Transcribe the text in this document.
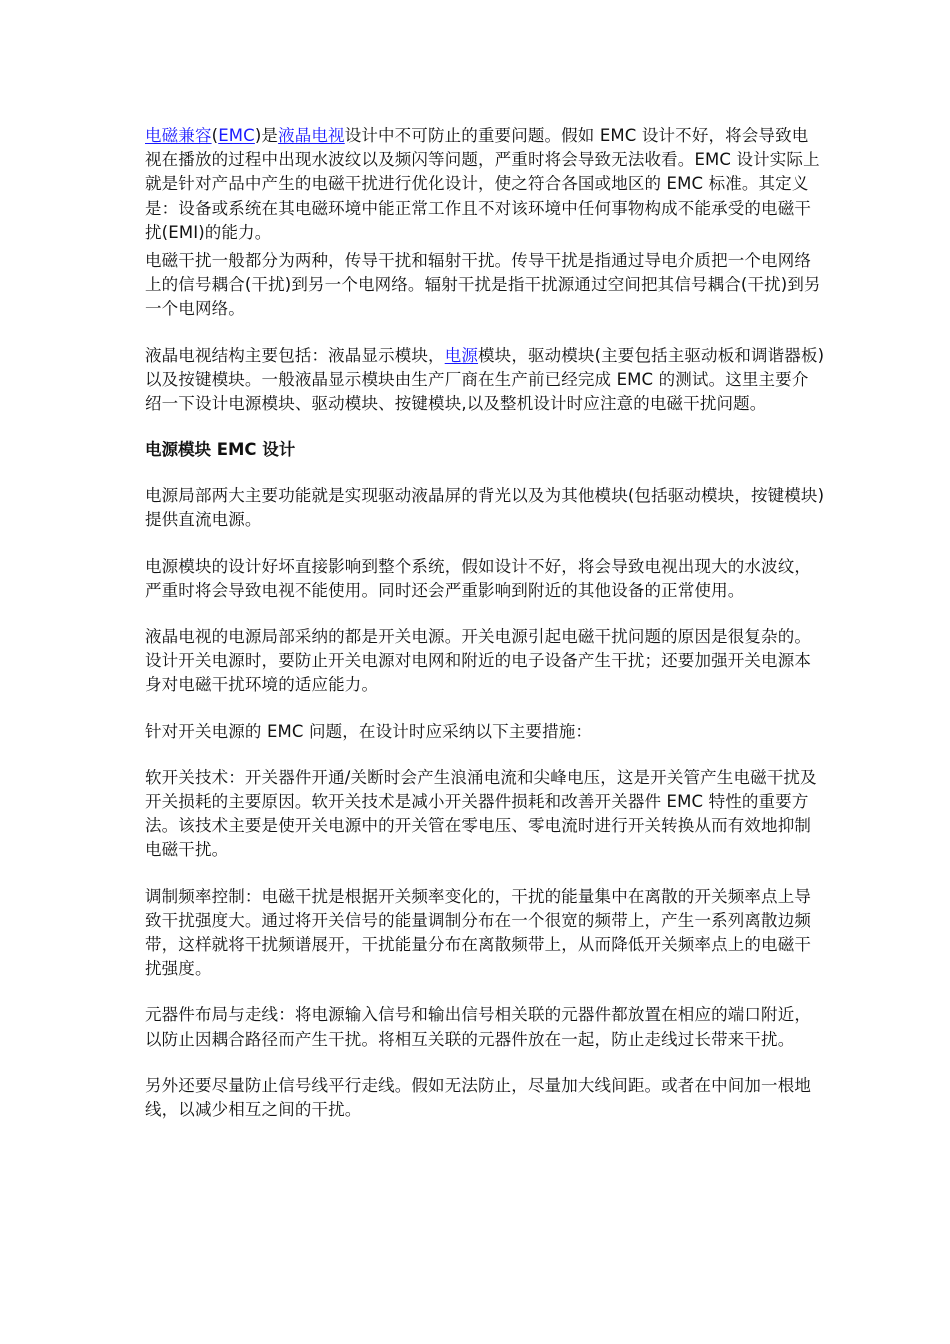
电磁兼容(EMC)是液晶电视设计中不可防止的重要问题。假如 EMC 设计不好，将会导致电视在播放的过程中出现水波纹以及频闪等问题，严重时将会导致无法收看。EMC 设计实际上就是针对产品中产生的电磁干扰进行优化设计，使之符合各国或地区的 EMC 标准。其定义是：设备或系统在其电磁环境中能正常工作且不对该环境中任何事物构成不能承受的电磁干扰(EMI)的能力。

电磁干扰一般都分为两种，传导干扰和辐射干扰。传导干扰是指通过导电介质把一个电网络上的信号耦合(干扰)到另一个电网络。辐射干扰是指干扰源通过空间把其信号耦合(干扰)到另一个电网络。

液晶电视结构主要包括：液晶显示模块，电源模块，驱动模块(主要包括主驱动板和调谐器板)以及按键模块。一般液晶显示模块由生产厂商在生产前已经完成 EMC 的测试。这里主要介绍一下设计电源模块、驱动模块、按键模块,以及整机设计时应注意的电磁干扰问题。

电源模块 EMC 设计

电源局部两大主要功能就是实现驱动液晶屏的背光以及为其他模块(包括驱动模块，按键模块)提供直流电源。

电源模块的设计好坏直接影响到整个系统，假如设计不好，将会导致电视出现大的水波纹，严重时将会导致电视不能使用。同时还会严重影响到附近的其他设备的正常使用。

液晶电视的电源局部采纳的都是开关电源。开关电源引起电磁干扰问题的原因是很复杂的。设计开关电源时，要防止开关电源对电网和附近的电子设备产生干扰；还要加强开关电源本身对电磁干扰环境的适应能力。

针对开关电源的 EMC 问题，在设计时应采纳以下主要措施：

软开关技术：开关器件开通/关断时会产生浪涌电流和尖峰电压，这是开关管产生电磁干扰及开关损耗的主要原因。软开关技术是减小开关器件损耗和改善开关器件 EMC 特性的重要方法。该技术主要是使开关电源中的开关管在零电压、零电流时进行开关转换从而有效地抑制电磁干扰。

调制频率控制：电磁干扰是根据开关频率变化的，干扰的能量集中在离散的开关频率点上导致干扰强度大。通过将开关信号的能量调制分布在一个很宽的频带上，产生一系列离散边频带，这样就将干扰频谱展开，干扰能量分布在离散频带上，从而降低开关频率点上的电磁干扰强度。

元器件布局与走线：将电源输入信号和输出信号相关联的元器件都放置在相应的端口附近，以防止因耦合路径而产生干扰。将相互关联的元器件放在一起，防止走线过长带来干扰。

另外还要尽量防止信号线平行走线。假如无法防止，尽量加大线间距。或者在中间加一根地线，以减少相互之间的干扰。
